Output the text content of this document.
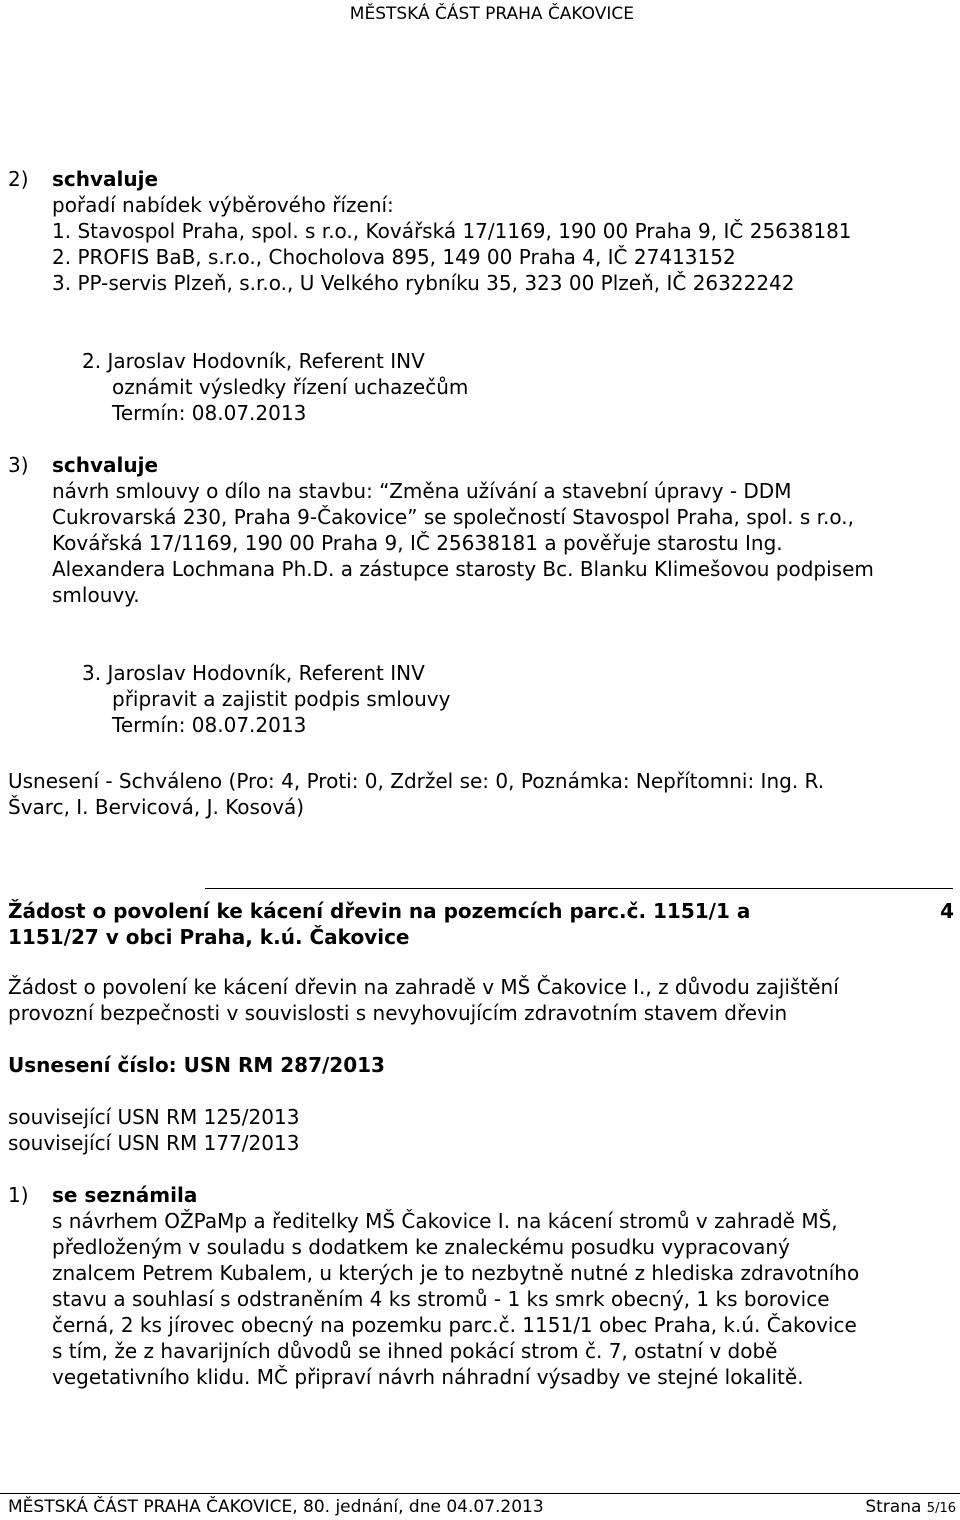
MĚSTSKÁ ČÁST PRAHA ČAKOVICE
2)	schvaluje
pořadí nabídek výběrového řízení:
1. Stavospol Praha, spol. s r.o., Kovářská 17/1169, 190 00 Praha 9, IČ 25638181
2. PROFIS BaB, s.r.o., Chocholova 895, 149 00 Praha 4, IČ 27413152
3. PP-servis Plzeň, s.r.o., U Velkého rybníku 35, 323 00 Plzeň, IČ 26322242
2. Jaroslav Hodovník, Referent INV
oznámit výsledky řízení uchazečům
Termín: 08.07.2013
3)	schvaluje
návrh smlouvy o dílo na stavbu: “Změna užívání a stavební úpravy - DDM
Cukrovarská 230, Praha 9-Čakovice” se společností Stavospol Praha, spol. s r.o.,
Kovářská 17/1169, 190 00 Praha 9, IČ 25638181 a pověřuje starostu Ing.
Alexandera Lochmana Ph.D. a zástupce starosty Bc. Blanku Klimešovou podpisem
smlouvy.
3. Jaroslav Hodovník, Referent INV
připravit a zajistit podpis smlouvy
Termín: 08.07.2013
Usnesení - Schváleno (Pro: 4, Proti: 0, Zdržel se: 0, Poznámka: Nepřítomni: Ing. R.
Švarc, I. Bervicová, J. Kosová)
Žádost o povolení ke kácení dřevin na pozemcích parc.č. 1151/1 a
1151/27 v obci Praha, k.ú. Čakovice
4
Žádost o povolení ke kácení dřevin na zahradě v MŠ Čakovice I., z důvodu zajištění
provozní bezpečnosti v souvislosti s nevyhovujícím zdravotním stavem dřevin
Usnesení číslo: USN RM 287/2013
související USN RM 125/2013
související USN RM 177/2013
1)	se seznámila
s návrhem OŽPaMp a ředitelky MŠ Čakovice I. na kácení stromů v zahradě MŠ,
předloženým v souladu s dodatkem ke znaleckému posudku vypracovaný
znalcem Petrem Kubalem, u kterých je to nezbytně nutné z hlediska zdravotního
stavu a souhlasí s odstraněním 4 ks stromů - 1 ks smrk obecný, 1 ks borovice
černá, 2 ks jírovec obecný na pozemku parc.č. 1151/1 obec Praha, k.ú. Čakovice
s tím, že z havarijních důvodů se ihned pokácí strom č. 7, ostatní v době
vegetativního klidu. MČ připraví návrh náhradní výsadby ve stejné lokalitě.
MĚSTSKÁ ČÁST PRAHA ČAKOVICE, 80. jednání, dne 04.07.2013	Strana 5/16
